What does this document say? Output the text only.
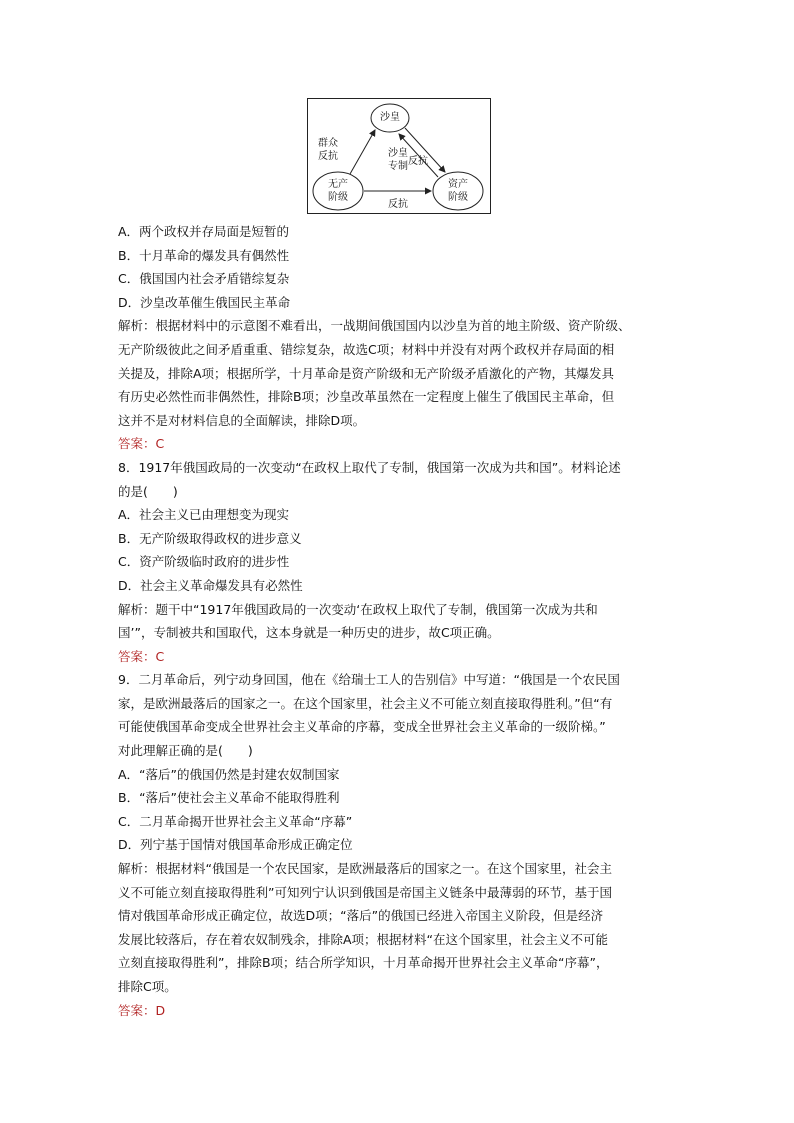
沙皇
无产
阶级
资产
阶级
群众
反抗	沙皇
专制 反抗
反抗
A．两个政权并存局面是短暂的
B．十月革命的爆发具有偶然性
C．俄国国内社会矛盾错综复杂
D．沙皇改革催生俄国民主革命
解析：根据材料中的示意图不难看出，一战期间俄国国内以沙皇为首的地主阶级、资产阶级、
无产阶级彼此之间矛盾重重、错综复杂，故选C项；材料中并没有对两个政权并存局面的相
关提及，排除A项；根据所学，十月革命是资产阶级和无产阶级矛盾激化的产物，其爆发具
有历史必然性而非偶然性，排除B项；沙皇改革虽然在一定程度上催生了俄国民主革命，但
这并不是对材料信息的全面解读，排除D项。
答案：C
8．1917年俄国政局的一次变动“在政权上取代了专制，俄国第一次成为共和国”。材料论述
的是(　　)
A．社会主义已由理想变为现实
B．无产阶级取得政权的进步意义
C．资产阶级临时政府的进步性
D．社会主义革命爆发具有必然性
解析：题干中“1917年俄国政局的一次变动‘在政权上取代了专制，俄国第一次成为共和
国’”，专制被共和国取代，这本身就是一种历史的进步，故C项正确。
答案：C
9．二月革命后，列宁动身回国，他在《给瑞士工人的告别信》中写道：“俄国是一个农民国
家，是欧洲最落后的国家之一。在这个国家里，社会主义不可能立刻直接取得胜利。”但“有
可能使俄国革命变成全世界社会主义革命的序幕，变成全世界社会主义革命的一级阶梯。”
对此理解正确的是(　　)
A．“落后”的俄国仍然是封建农奴制国家
B．“落后”使社会主义革命不能取得胜利
C．二月革命揭开世界社会主义革命“序幕”
D．列宁基于国情对俄国革命形成正确定位
解析：根据材料“俄国是一个农民国家，是欧洲最落后的国家之一。在这个国家里，社会主
义不可能立刻直接取得胜利”可知列宁认识到俄国是帝国主义链条中最薄弱的环节，基于国
情对俄国革命形成正确定位，故选D项；“落后”的俄国已经进入帝国主义阶段，但是经济
发展比较落后，存在着农奴制残余，排除A项；根据材料“在这个国家里，社会主义不可能
立刻直接取得胜利”，排除B项；结合所学知识，十月革命揭开世界社会主义革命“序幕”，
排除C项。
答案：D
